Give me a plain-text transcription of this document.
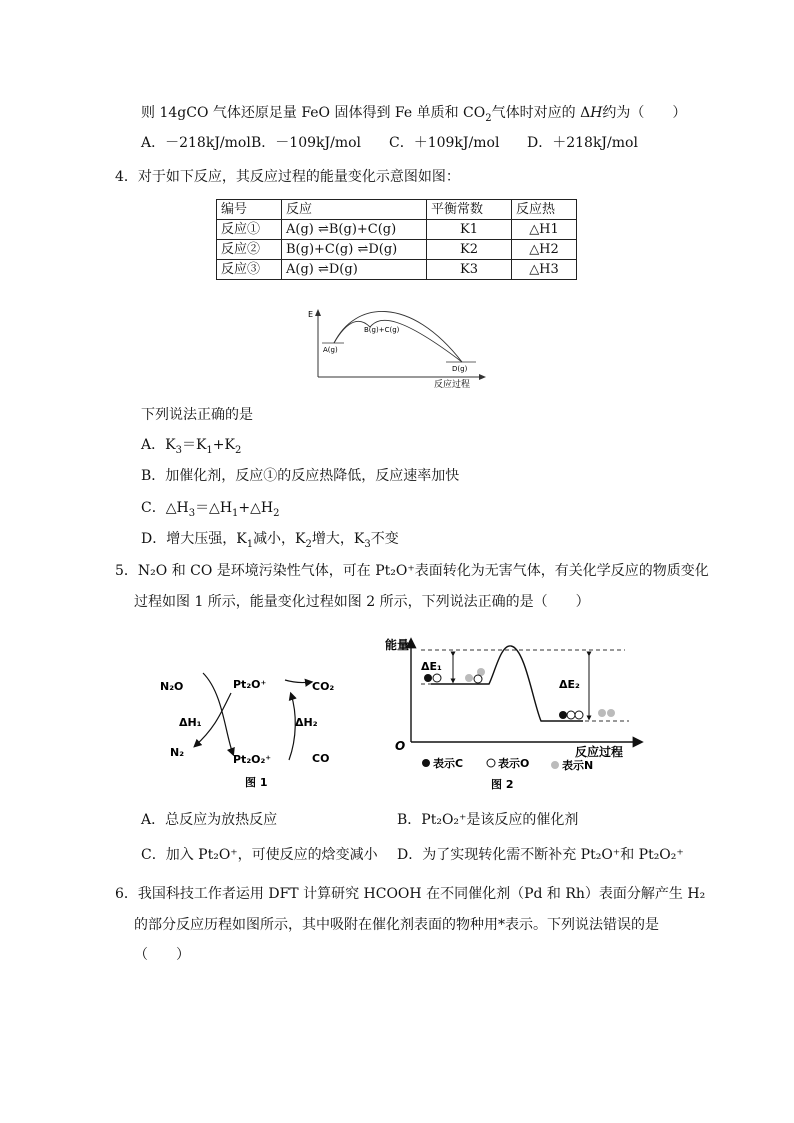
则 14gCO 气体还原足量 FeO 固体得到 Fe 单质和 $CO_2$气体时对应的 ΔH约为（　　）
A．－218kJ/mol B．－109kJ/mol C．＋109kJ/mol D．＋218kJ/mol
4．对于如下反应，其反应过程的能量变化示意图如图：
编号	反应	平衡常数	反应热
反应①	A(g) ⇌B(g)+C(g)	K1	△H1
反应②	B(g)+C(g) ⇌D(g)	K2	△H2
反应③	A(g) ⇌D(g)	K3	△H3
E
A(g)
B(g)+C(g)
D(g)
反应过程
下列说法正确的是
A．$K_3=K_1+K_2$
B．加催化剂，反应①的反应热降低，反应速率加快
C．$\triangle H_3=\triangle H_1+\triangle H_2$
D．增大压强，$K_1$减小，$K_2$增大，$K_3$不变
5．N₂O 和 CO 是环境污染性气体，可在 Pt₂O⁺表面转化为无害气体，有关化学反应的物质变化
过程如图 1 所示，能量变化过程如图 2 所示，下列说法正确的是（　　）
N₂O
N₂
Pt₂O⁺
Pt₂O₂⁺
CO₂
CO
ΔH₁	ΔH₂
图 1
能量
O
ΔE₁
ΔE₂
反应过程
表示C	表示O	表示N
图 2
A．总反应为放热反应	B．Pt₂O₂⁺是该反应的催化剂
C．加入 Pt₂O⁺，可使反应的焓变减小 D．为了实现转化需不断补充 Pt₂O⁺和 Pt₂O₂⁺
6．我国科技工作者运用 DFT 计算研究 HCOOH 在不同催化剂（Pd 和 Rh）表面分解产生 H₂
的部分反应历程如图所示，其中吸附在催化剂表面的物种用*表示。下列说法错误的是
（　　）
